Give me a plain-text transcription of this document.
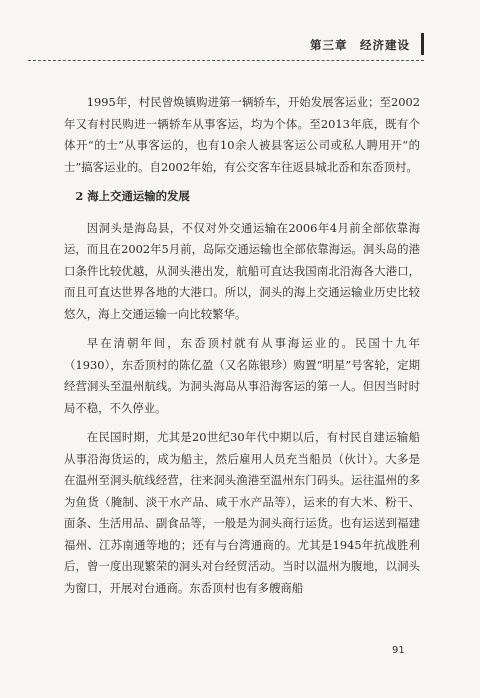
第三章　经济建设

1995年，村民曾焕镇购进第一辆轿车，开始发展客运业；至2002年又有村民购进一辆轿车从事客运，均为个体。至2013年底，既有个体开“的士”从事客运的，也有10余人被县客运公司或私人聘用开“的士”搞客运业的。自2002年始，有公交客车往返县城北岙和东岙顶村。

2 海上交通运输的发展

因洞头是海岛县，不仅对外交通运输在2006年4月前全部依靠海运，而且在2002年5月前，岛际交通运输也全部依靠海运。洞头岛的港口条件比较优越，从洞头港出发，航船可直达我国南北沿海各大港口，而且可直达世界各地的大港口。所以，洞头的海上交通运输业历史比较悠久，海上交通运输一向比较繁华。

早在清朝年间，东岙顶村就有从事海运业的。民国十九年（1930），东岙顶村的陈亿盈（又名陈银珍）购置“明星”号客轮，定期经营洞头至温州航线。为洞头海岛从事沿海客运的第一人。但因当时时局不稳，不久停业。

在民国时期，尤其是20世纪30年代中期以后，有村民自建运输船从事沿海货运的，成为船主，然后雇用人员充当船员（伙计）。大多是在温州至洞头航线经营，往来洞头渔港至温州东门码头。运往温州的多为鱼货（腌制、淡干水产品、咸干水产品等），运来的有大米、粉干、面条、生活用品、副食品等，一般是为洞头商行运货。也有运送到福建福州、江苏南通等地的；还有与台湾通商的。尤其是1945年抗战胜利后，曾一度出现繁荣的洞头对台经贸活动。当时以温州为腹地，以洞头为窗口，开展对台通商。东岙顶村也有多艘商船

91
